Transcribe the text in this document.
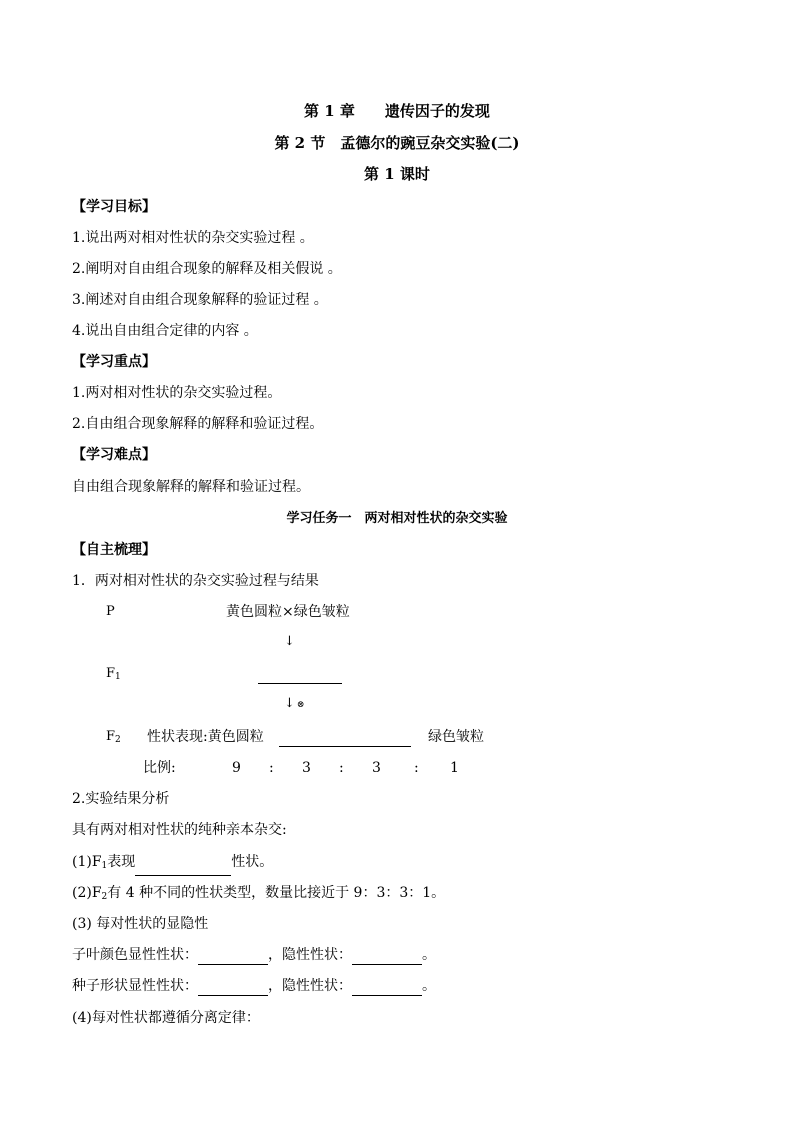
第 1 章　　遗传因子的发现
第 2 节　孟德尔的豌豆杂交实验(二)
第 1 课时
【学习目标】
1.说出两对相对性状的杂交实验过程 。
2.阐明对自由组合现象的解释及相关假说 。
3.阐述对自由组合现象解释的验证过程 。
4.说出自由组合定律的内容 。
【学习重点】
1.两对相对性状的杂交实验过程。
2.自由组合现象解释的解释和验证过程。
【学习难点】
自由组合现象解释的解释和验证过程。
学习任务一　两对相对性状的杂交实验
【自主梳理】
1．两对相对性状的杂交实验过程与结果
P	黄色圆粒×绿色皱粒
↓
$F_1$
↓ ⊗
$F_2$ 性状表现:黄色圆粒	绿色皱粒
比例:	9 : 3 : 3 : 1
2.实验结果分析
具有两对相对性状的纯种亲本杂交:
$(1)F_1$表现	性状。
$(2)F_2$有 4 种不同的性状类型，数量比接近于 9：3：3：1。
(3) 每对性状的显隐性
子叶颜色显性性状：	，隐性性状：	。
种子形状显性性状：	，隐性性状：	。
(4)每对性状都遵循分离定律：
